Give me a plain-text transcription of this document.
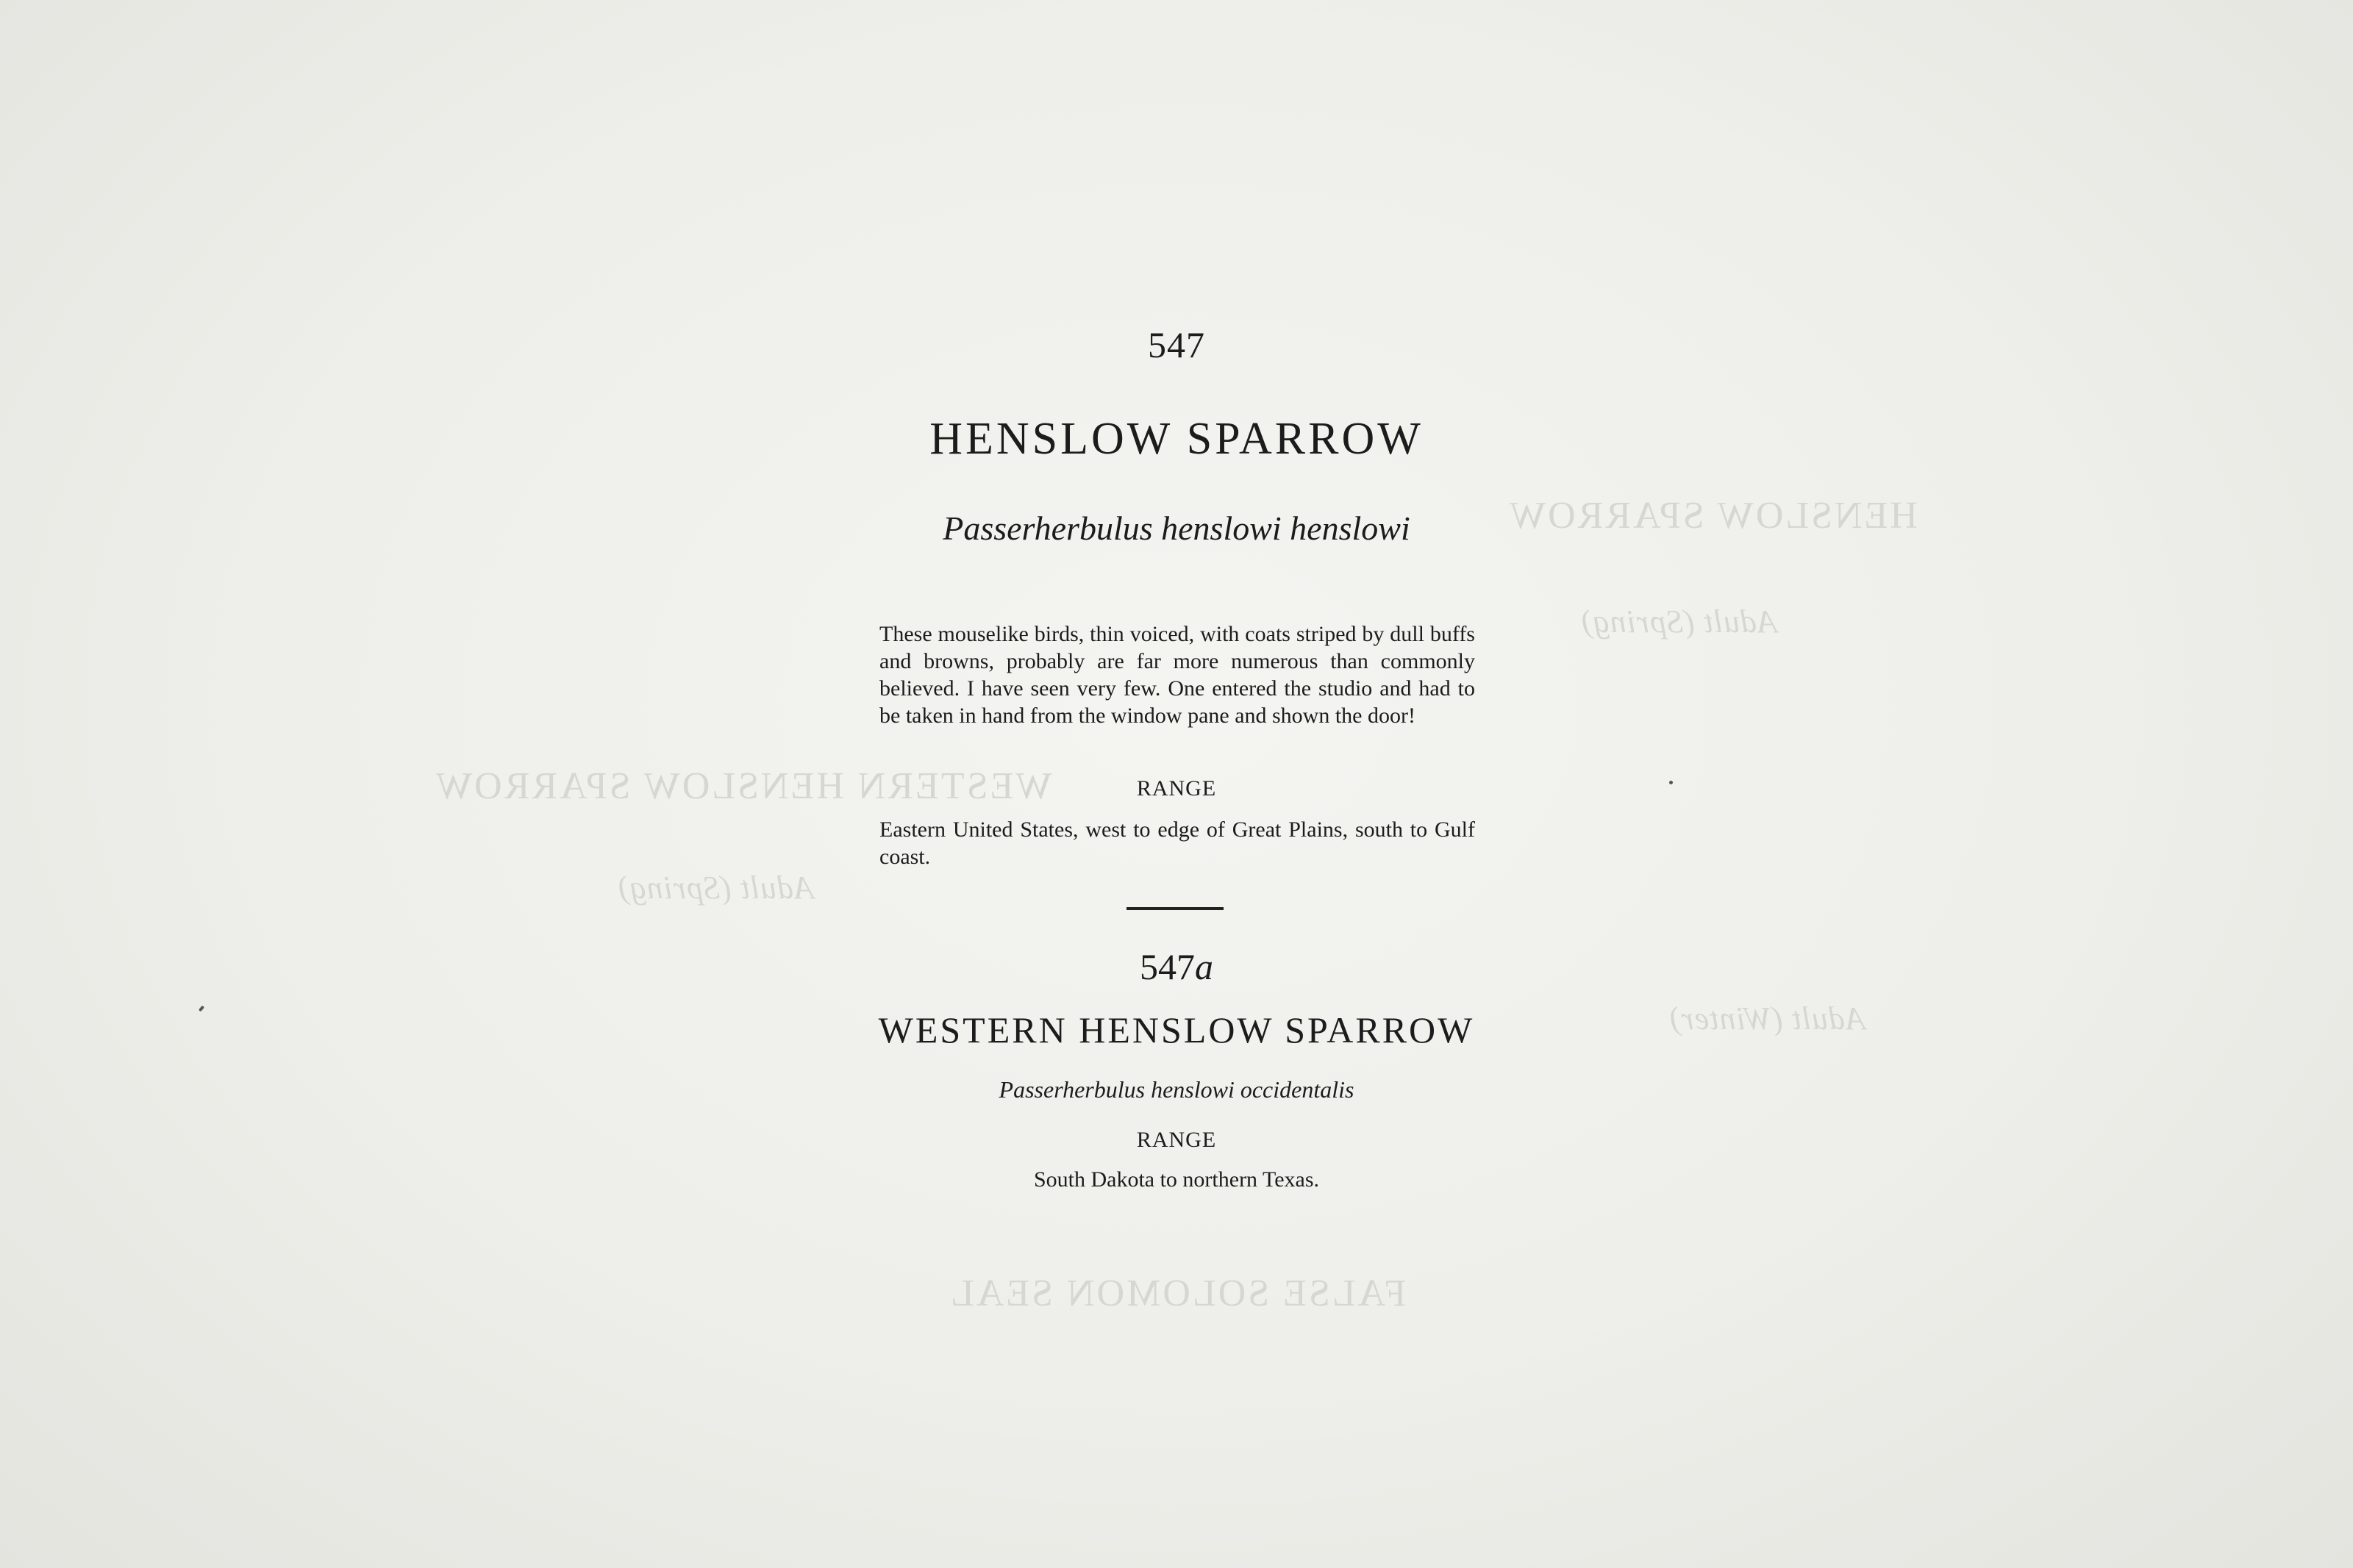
HENSLOW SPARROW
Adult (Spring)
WESTERN HENSLOW SPARROW
Adult (Spring)
Adult (Winter)
FALSE SOLOMON SEAL
547
HENSLOW SPARROW
Passerherbulus henslowi henslowi
These mouselike birds, thin voiced, with coats striped by dull buffs and browns, probably are far more numerous than commonly believed. I have seen very few. One entered the studio and had to be taken in hand from the window pane and shown the door!
RANGE
Eastern United States, west to edge of Great Plains, south to Gulf coast.
547a
WESTERN HENSLOW SPARROW
Passerherbulus henslowi occidentalis
RANGE
South Dakota to northern Texas.
